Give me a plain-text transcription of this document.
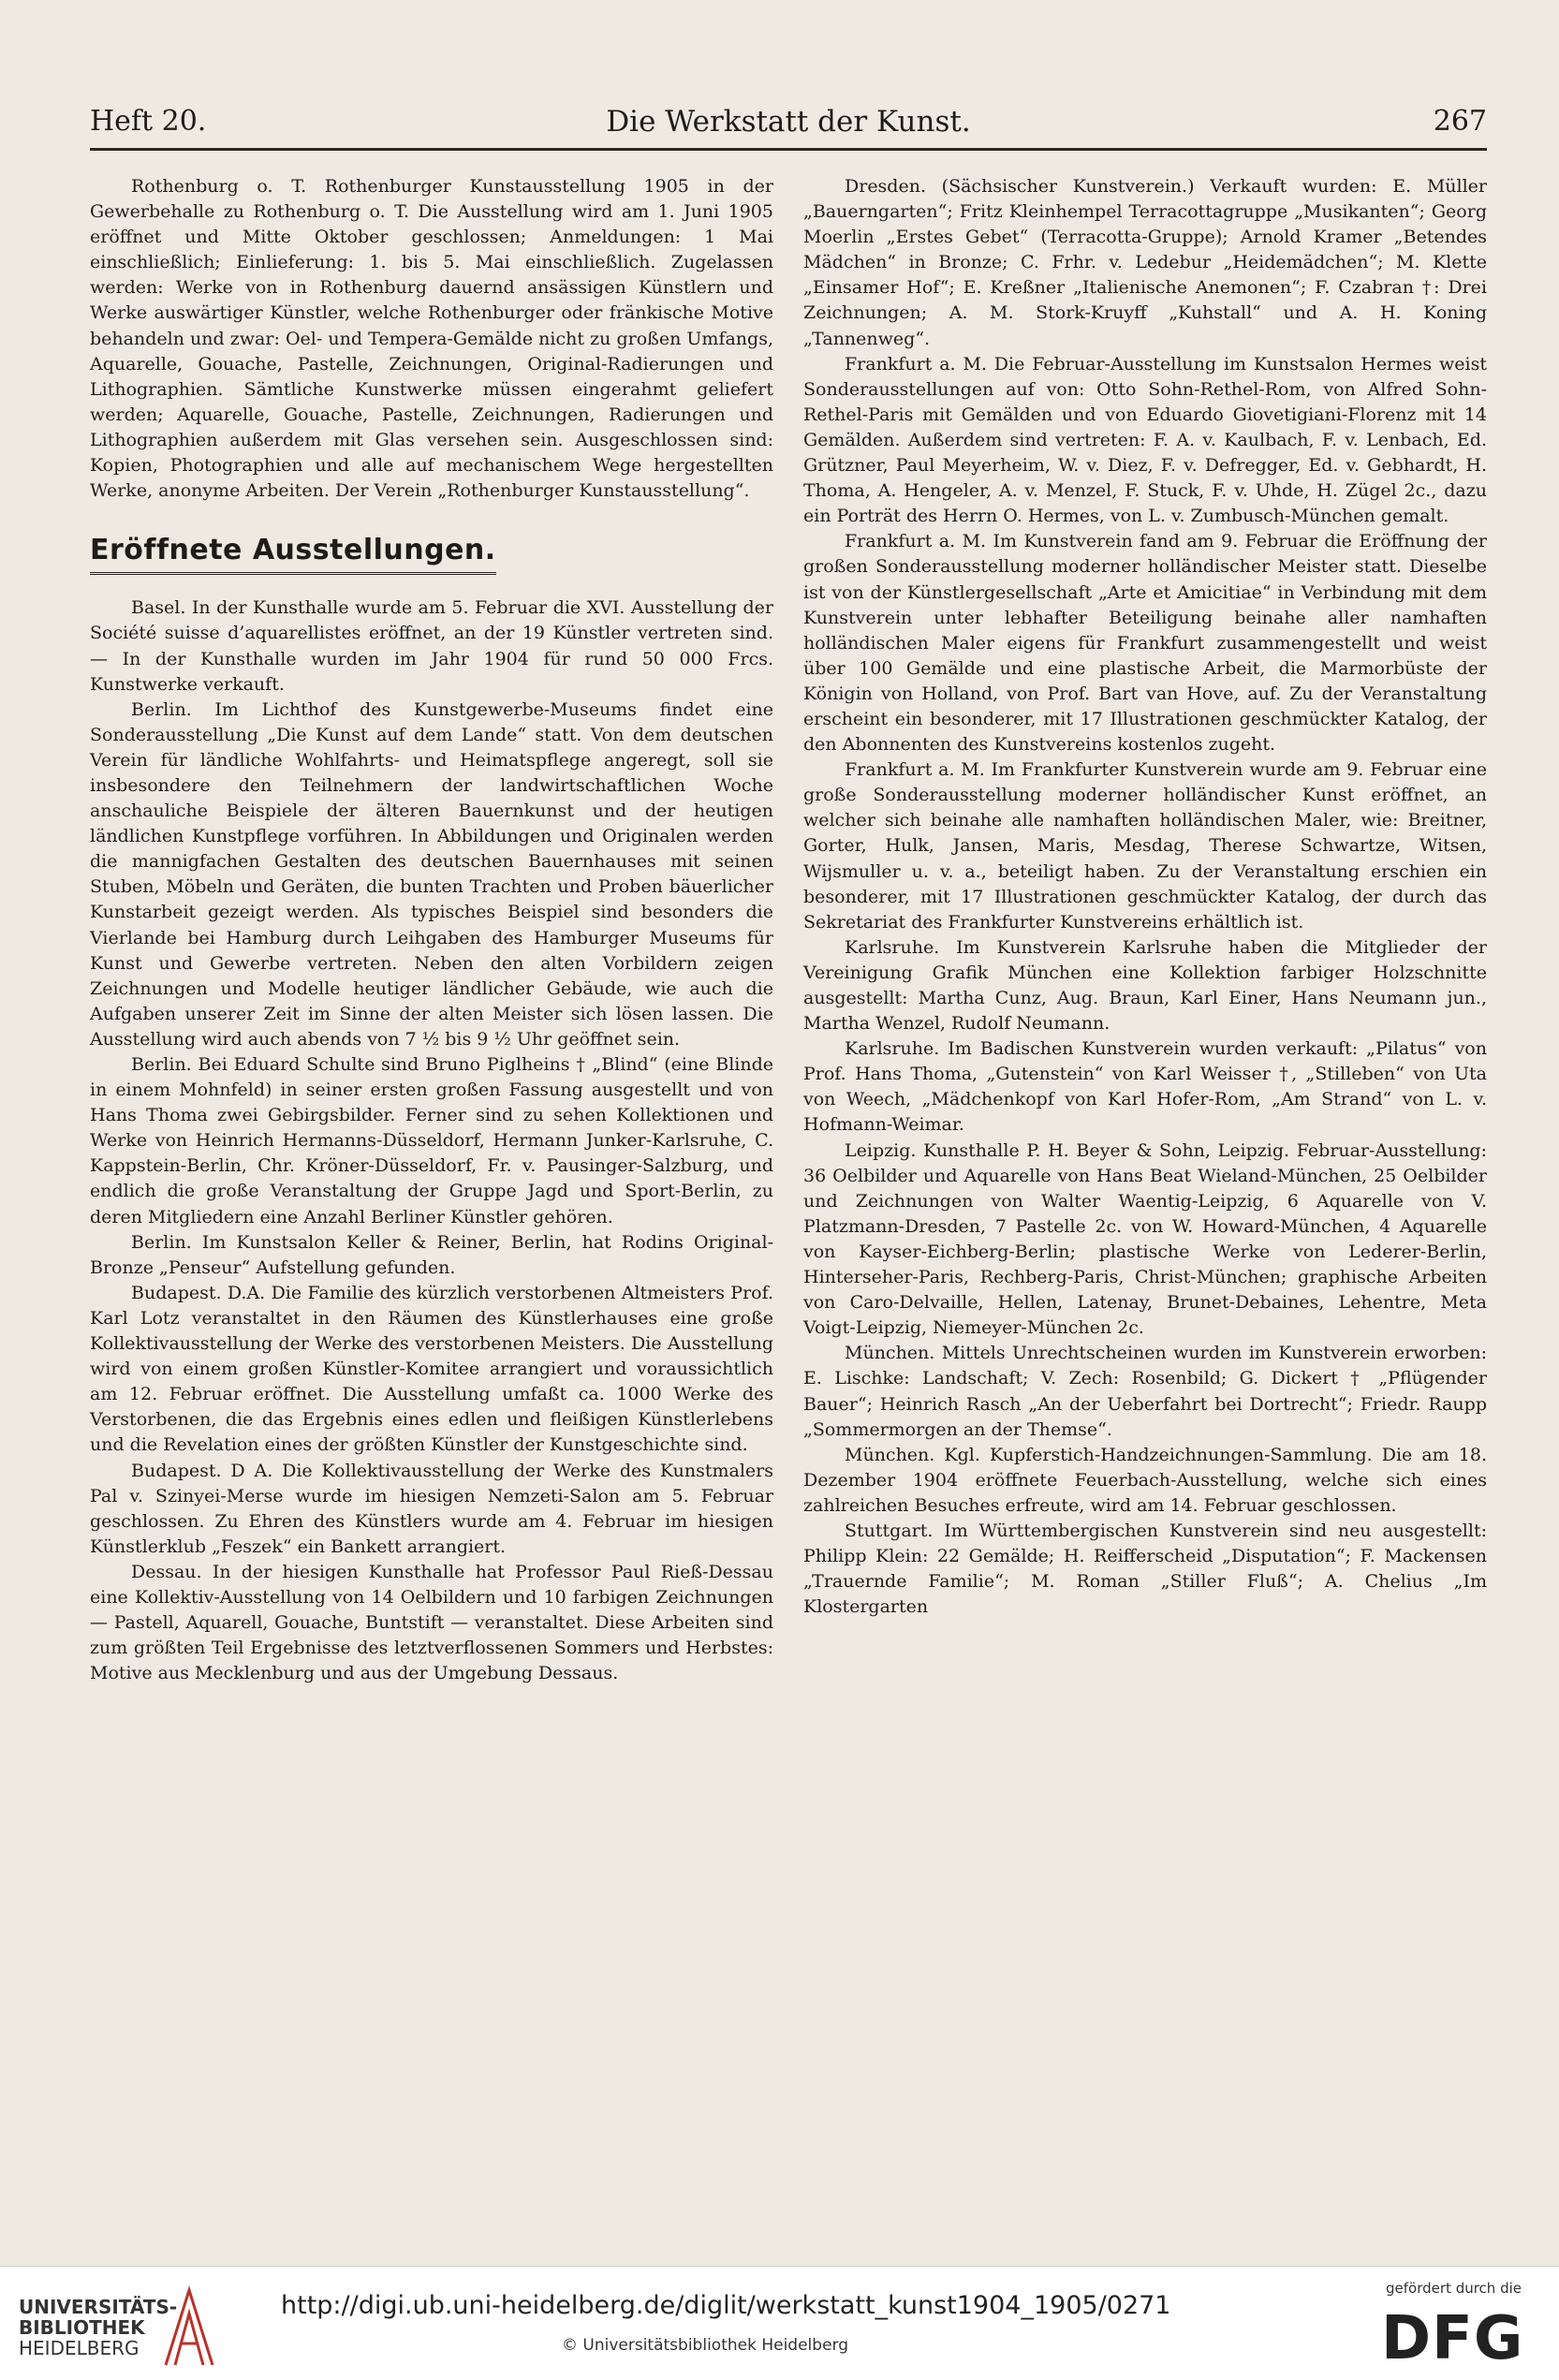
Heft 20.	Die Werkstatt der Kunst.	267

Rothenburg o. T. Rothenburger Kunstausstellung 1905 in der Gewerbehalle zu Rothenburg o. T. Die Ausstellung wird am 1. Juni 1905 eröffnet und Mitte Oktober geschlossen; Anmeldungen: 1 Mai einschließlich; Einlieferung: 1. bis 5. Mai einschließlich. Zugelassen werden: Werke von in Rothenburg dauernd ansässigen Künstlern und Werke auswärtiger Künstler, welche Rothenburger oder fränkische Motive behandeln und zwar: Oel- und Tempera-Gemälde nicht zu großen Umfangs, Aquarelle, Gouache, Pastelle, Zeichnungen, Original-Radierungen und Lithographien. Sämtliche Kunstwerke müssen eingerahmt geliefert werden; Aquarelle, Gouache, Pastelle, Zeichnungen, Radierungen und Lithographien außerdem mit Glas versehen sein. Ausgeschlossen sind: Kopien, Photographien und alle auf mechanischem Wege hergestellten Werke, anonyme Arbeiten. Der Verein „Rothenburger Kunstausstellung“.

Eröffnete Ausstellungen.

Basel. In der Kunsthalle wurde am 5. Februar die XVI. Ausstellung der Société suisse d’aquarellistes eröffnet, an der 19 Künstler vertreten sind. — In der Kunsthalle wurden im Jahr 1904 für rund 50 000 Frcs. Kunstwerke verkauft.

Berlin. Im Lichthof des Kunstgewerbe-Museums findet eine Sonderausstellung „Die Kunst auf dem Lande“ statt. Von dem deutschen Verein für ländliche Wohlfahrts- und Heimatspflege angeregt, soll sie insbesondere den Teilnehmern der landwirtschaftlichen Woche anschauliche Beispiele der älteren Bauernkunst und der heutigen ländlichen Kunstpflege vorführen. In Abbildungen und Originalen werden die mannigfachen Gestalten des deutschen Bauernhauses mit seinen Stuben, Möbeln und Geräten, die bunten Trachten und Proben bäuerlicher Kunstarbeit gezeigt werden. Als typisches Beispiel sind besonders die Vierlande bei Hamburg durch Leihgaben des Hamburger Museums für Kunst und Gewerbe vertreten. Neben den alten Vorbildern zeigen Zeichnungen und Modelle heutiger ländlicher Gebäude, wie auch die Aufgaben unserer Zeit im Sinne der alten Meister sich lösen lassen. Die Ausstellung wird auch abends von 7 ½ bis 9 ½ Uhr geöffnet sein.

Berlin. Bei Eduard Schulte sind Bruno Piglheins † „Blind“ (eine Blinde in einem Mohnfeld) in seiner ersten großen Fassung ausgestellt und von Hans Thoma zwei Gebirgsbilder. Ferner sind zu sehen Kollektionen und Werke von Heinrich Hermanns-Düsseldorf, Hermann Junker-Karlsruhe, C. Kappstein-Berlin, Chr. Kröner-Düsseldorf, Fr. v. Pausinger-Salzburg, und endlich die große Veranstaltung der Gruppe Jagd und Sport-Berlin, zu deren Mitgliedern eine Anzahl Berliner Künstler gehören.

Berlin. Im Kunstsalon Keller & Reiner, Berlin, hat Rodins Original-Bronze „Penseur“ Aufstellung gefunden.

Budapest. D.A. Die Familie des kürzlich verstorbenen Altmeisters Prof. Karl Lotz veranstaltet in den Räumen des Künstlerhauses eine große Kollektivausstellung der Werke des verstorbenen Meisters. Die Ausstellung wird von einem großen Künstler-Komitee arrangiert und voraussichtlich am 12. Februar eröffnet. Die Ausstellung umfaßt ca. 1000 Werke des Verstorbenen, die das Ergebnis eines edlen und fleißigen Künstlerlebens und die Revelation eines der größten Künstler der Kunstgeschichte sind.

Budapest. D A. Die Kollektivausstellung der Werke des Kunstmalers Pal v. Szinyei-Merse wurde im hiesigen Nemzeti-Salon am 5. Februar geschlossen. Zu Ehren des Künstlers wurde am 4. Februar im hiesigen Künstlerklub „Feszek“ ein Bankett arrangiert.

Dessau. In der hiesigen Kunsthalle hat Professor Paul Rieß-Dessau eine Kollektiv-Ausstellung von 14 Oelbildern und 10 farbigen Zeichnungen — Pastell, Aquarell, Gouache, Buntstift — veranstaltet. Diese Arbeiten sind zum größten Teil Ergebnisse des letztverflossenen Sommers und Herbstes: Motive aus Mecklenburg und aus der Umgebung Dessaus.

Dresden. (Sächsischer Kunstverein.) Verkauft wurden: E. Müller „Bauerngarten“; Fritz Kleinhempel Terracottagruppe „Musikanten“; Georg Moerlin „Erstes Gebet“ (Terracotta-Gruppe); Arnold Kramer „Betendes Mädchen“ in Bronze; C. Frhr. v. Ledebur „Heidemädchen“; M. Klette „Einsamer Hof“; E. Kreßner „Italienische Anemonen“; F. Czabran †: Drei Zeichnungen; A. M. Stork-Kruyff „Kuhstall“ und A. H. Koning „Tannenweg“.

Frankfurt a. M. Die Februar-Ausstellung im Kunstsalon Hermes weist Sonderausstellungen auf von: Otto Sohn-Rethel-Rom, von Alfred Sohn-Rethel-Paris mit Gemälden und von Eduardo Giovetigiani-Florenz mit 14 Gemälden. Außerdem sind vertreten: F. A. v. Kaulbach, F. v. Lenbach, Ed. Grützner, Paul Meyerheim, W. v. Diez, F. v. Defregger, Ed. v. Gebhardt, H. Thoma, A. Hengeler, A. v. Menzel, F. Stuck, F. v. Uhde, H. Zügel 2c., dazu ein Porträt des Herrn O. Hermes, von L. v. Zumbusch-München gemalt.

Frankfurt a. M. Im Kunstverein fand am 9. Februar die Eröffnung der großen Sonderausstellung moderner holländischer Meister statt. Dieselbe ist von der Künstlergesellschaft „Arte et Amicitiae“ in Verbindung mit dem Kunstverein unter lebhafter Beteiligung beinahe aller namhaften holländischen Maler eigens für Frankfurt zusammengestellt und weist über 100 Gemälde und eine plastische Arbeit, die Marmorbüste der Königin von Holland, von Prof. Bart van Hove, auf. Zu der Veranstaltung erscheint ein besonderer, mit 17 Illustrationen geschmückter Katalog, der den Abonnenten des Kunstvereins kostenlos zugeht.

Frankfurt a. M. Im Frankfurter Kunstverein wurde am 9. Februar eine große Sonderausstellung moderner holländischer Kunst eröffnet, an welcher sich beinahe alle namhaften holländischen Maler, wie: Breitner, Gorter, Hulk, Jansen, Maris, Mesdag, Therese Schwartze, Witsen, Wijsmuller u. v. a., beteiligt haben. Zu der Veranstaltung erschien ein besonderer, mit 17 Illustrationen geschmückter Katalog, der durch das Sekretariat des Frankfurter Kunstvereins erhältlich ist.

Karlsruhe. Im Kunstverein Karlsruhe haben die Mitglieder der Vereinigung Grafik München eine Kollektion farbiger Holzschnitte ausgestellt: Martha Cunz, Aug. Braun, Karl Einer, Hans Neumann jun., Martha Wenzel, Rudolf Neumann.

Karlsruhe. Im Badischen Kunstverein wurden verkauft: „Pilatus“ von Prof. Hans Thoma, „Gutenstein“ von Karl Weisser †, „Stilleben“ von Uta von Weech, „Mädchenkopf von Karl Hofer-Rom, „Am Strand“ von L. v. Hofmann-Weimar.

Leipzig. Kunsthalle P. H. Beyer & Sohn, Leipzig. Februar-Ausstellung: 36 Oelbilder und Aquarelle von Hans Beat Wieland-München, 25 Oelbilder und Zeichnungen von Walter Waentig-Leipzig, 6 Aquarelle von V. Platzmann-Dresden, 7 Pastelle 2c. von W. Howard-München, 4 Aquarelle von Kayser-Eichberg-Berlin; plastische Werke von Lederer-Berlin, Hinterseher-Paris, Rechberg-Paris, Christ-München; graphische Arbeiten von Caro-Delvaille, Hellen, Latenay, Brunet-Debaines, Lehentre, Meta Voigt-Leipzig, Niemeyer-München 2c.

München. Mittels Unrechtscheinen wurden im Kunstverein erworben: E. Lischke: Landschaft; V. Zech: Rosenbild; G. Dickert † „Pflügender Bauer“; Heinrich Rasch „An der Ueberfahrt bei Dortrecht“; Friedr. Raupp „Sommermorgen an der Themse“.

München. Kgl. Kupferstich-Handzeichnungen-Sammlung. Die am 18. Dezember 1904 eröffnete Feuerbach-Ausstellung, welche sich eines zahlreichen Besuches erfreute, wird am 14. Februar geschlossen.

Stuttgart. Im Württembergischen Kunstverein sind neu ausgestellt: Philipp Klein: 22 Gemälde; H. Reifferscheid „Disputation“; F. Mackensen „Trauernde Familie“; M. Roman „Stiller Fluß“; A. Chelius „Im Klostergarten

UNIVERSITÄTS-
BIBLIOTHEK
HEIDELBERG
http://digi.ub.uni-heidelberg.de/diglit/werkstatt_kunst1904_1905/0271
© Universitätsbibliothek Heidelberg
gefördert durch die
DFG
